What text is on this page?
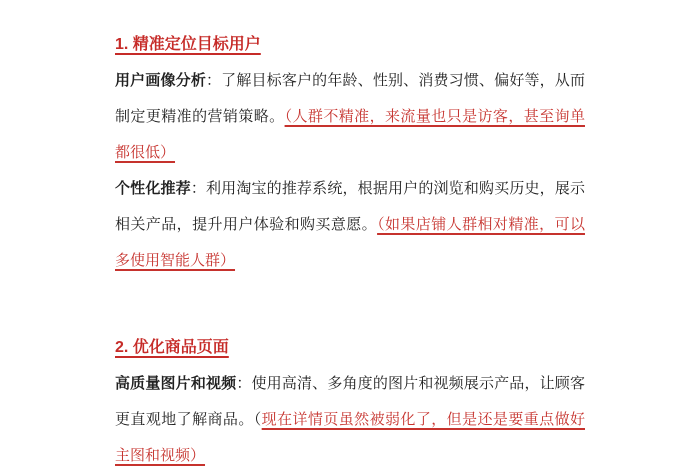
1. 精准定位目标用户
用户画像分析：了解目标客户的年龄、性别、消费习惯、偏好等，从而
制定更精准的营销策略。（人群不精准，来流量也只是访客，甚至询单
都很低）
个性化推荐：利用淘宝的推荐系统，根据用户的浏览和购买历史，展示
相关产品，提升用户体验和购买意愿。（如果店铺人群相对精准，可以
多使用智能人群）
2. 优化商品页面
高质量图片和视频：使用高清、多角度的图片和视频展示产品，让顾客
更直观地了解商品。（现在详情页虽然被弱化了，但是还是要重点做好
主图和视频）
